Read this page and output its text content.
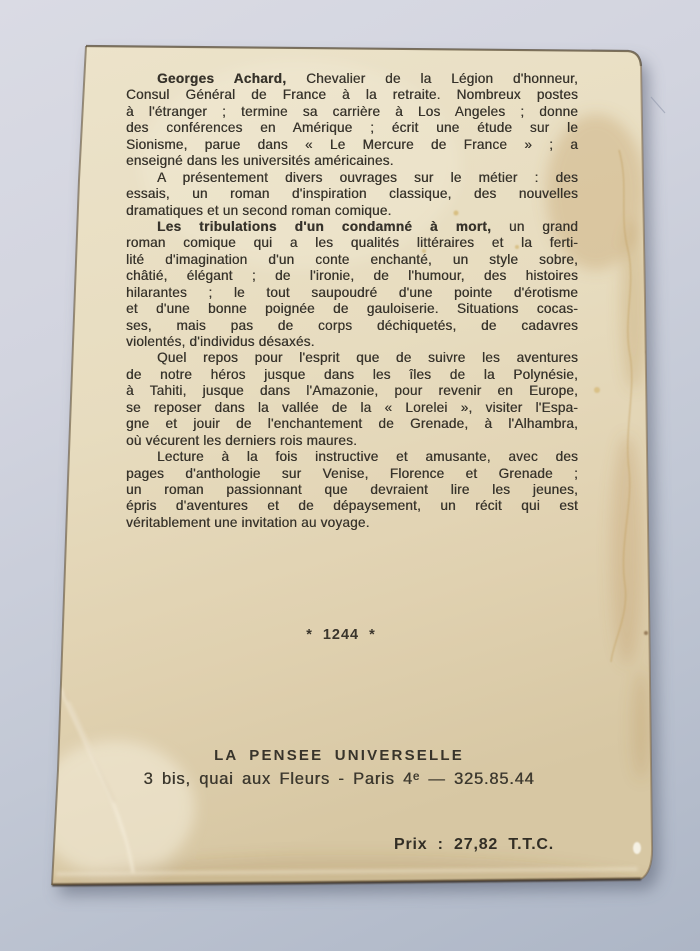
Georges Achard, Chevalier de la Légion d'honneur,
Consul Général de France à la retraite. Nombreux postes
à l'étranger ; termine sa carrière à Los Angeles ; donne
des conférences en Amérique ; écrit une étude sur le
Sionisme, parue dans « Le Mercure de France » ; a
enseigné dans les universités américaines.
A présentement divers ouvrages sur le métier : des
essais, un roman d'inspiration classique, des nouvelles
dramatiques et un second roman comique.
Les tribulations d'un condamné à mort, un grand
roman comique qui a les qualités littéraires et la ferti-
lité d'imagination d'un conte enchanté, un style sobre,
châtié, élégant ; de l'ironie, de l'humour, des histoires
hilarantes ; le tout saupoudré d'une pointe d'érotisme
et d'une bonne poignée de gauloiserie. Situations cocas-
ses, mais pas de corps déchiquetés, de cadavres
violentés, d'individus désaxés.
Quel repos pour l'esprit que de suivre les aventures
de notre héros jusque dans les îles de la Polynésie,
à Tahiti, jusque dans l'Amazonie, pour revenir en Europe,
se reposer dans la vallée de la « Lorelei », visiter l'Espa-
gne et jouir de l'enchantement de Grenade, à l'Alhambra,
où vécurent les derniers rois maures.
Lecture à la fois instructive et amusante, avec des
pages d'anthologie sur Venise, Florence et Grenade ;
un roman passionnant que devraient lire les jeunes,
épris d'aventures et de dépaysement, un récit qui est
véritablement une invitation au voyage.
* 1244 *
LA PENSEE UNIVERSELLE
3 bis, quai aux Fleurs - Paris 4ᵉ — 325.85.44
Prix : 27,82 T.T.C.
